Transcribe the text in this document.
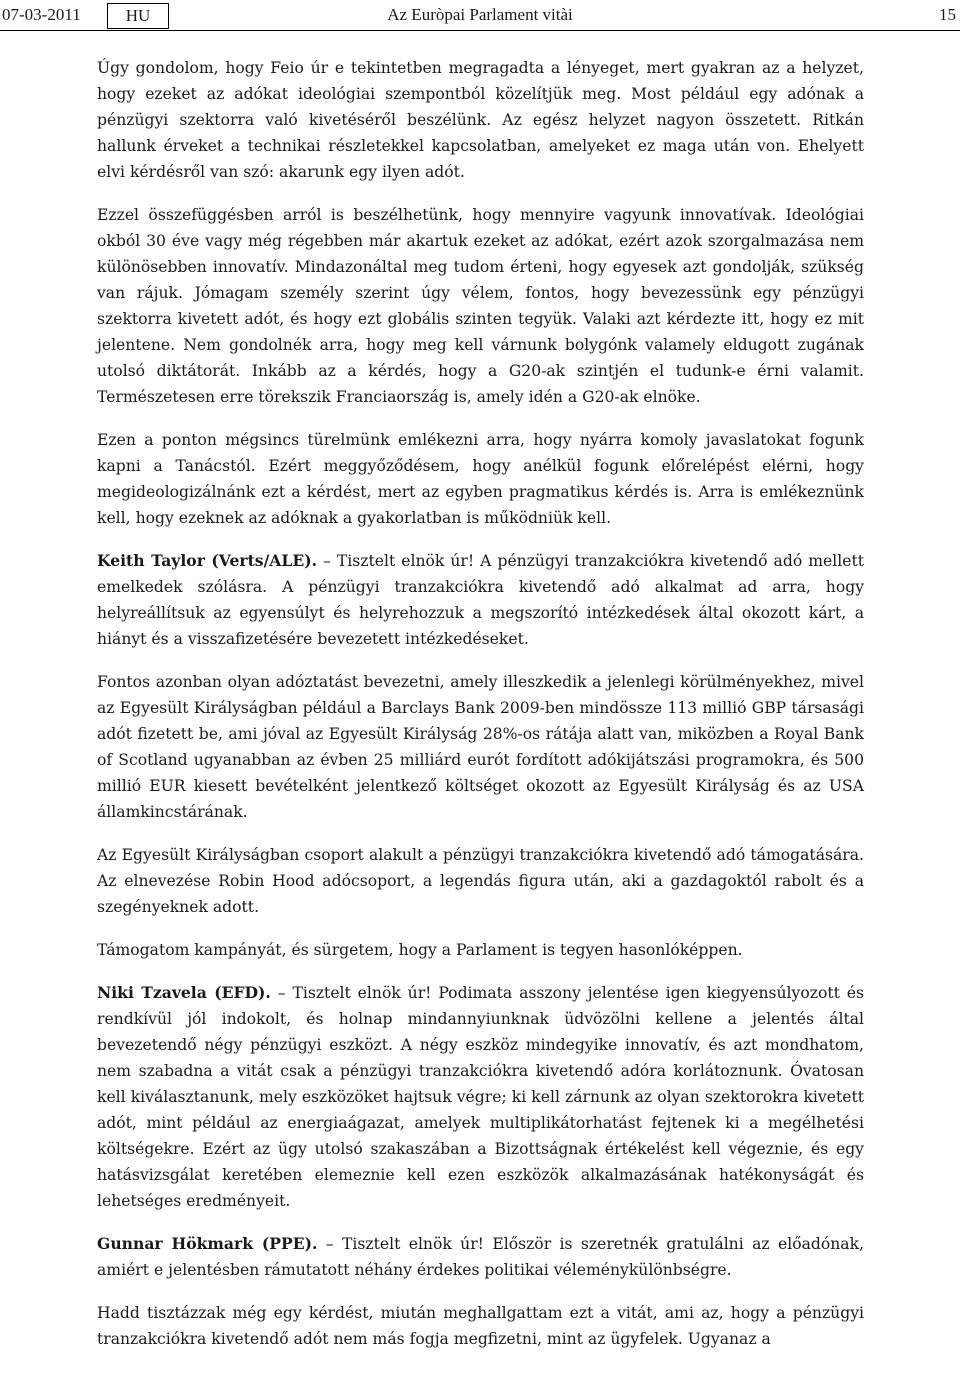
07-03-2011	HU	Az Euròpai Parlament vitài	15

Úgy gondolom, hogy Feio úr e tekintetben megragadta a lényeget, mert gyakran az a helyzet, hogy ezeket az adókat ideológiai szempontból közelítjük meg. Most például egy adónak a pénzügyi szektorra való kivetéséről beszélünk. Az egész helyzet nagyon összetett. Ritkán hallunk érveket a technikai részletekkel kapcsolatban, amelyeket ez maga után von. Ehelyett elvi kérdésről van szó: akarunk egy ilyen adót.

Ezzel összefüggésben arról is beszélhetünk, hogy mennyire vagyunk innovatívak. Ideológiai okból 30 éve vagy még régebben már akartuk ezeket az adókat, ezért azok szorgalmazása nem különösebben innovatív. Mindazonáltal meg tudom érteni, hogy egyesek azt gondolják, szükség van rájuk. Jómagam személy szerint úgy vélem, fontos, hogy bevezessünk egy pénzügyi szektorra kivetett adót, és hogy ezt globális szinten tegyük. Valaki azt kérdezte itt, hogy ez mit jelentene. Nem gondolnék arra, hogy meg kell várnunk bolygónk valamely eldugott zugának utolsó diktátorát. Inkább az a kérdés, hogy a G20-ak szintjén el tudunk-e érni valamit. Természetesen erre törekszik Franciaország is, amely idén a G20-ak elnöke.

Ezen a ponton mégsincs türelmünk emlékezni arra, hogy nyárra komoly javaslatokat fogunk kapni a Tanácstól. Ezért meggyőződésem, hogy anélkül fogunk előrelépést elérni, hogy megideologizálnánk ezt a kérdést, mert az egyben pragmatikus kérdés is. Arra is emlékeznünk kell, hogy ezeknek az adóknak a gyakorlatban is működniük kell.

Keith Taylor (Verts/ALE). – Tisztelt elnök úr! A pénzügyi tranzakciókra kivetendő adó mellett emelkedek szólásra. A pénzügyi tranzakciókra kivetendő adó alkalmat ad arra, hogy helyreállítsuk az egyensúlyt és helyrehozzuk a megszorító intézkedések által okozott kárt, a hiányt és a visszafizetésére bevezetett intézkedéseket.

Fontos azonban olyan adóztatást bevezetni, amely illeszkedik a jelenlegi körülményekhez, mivel az Egyesült Királyságban például a Barclays Bank 2009-ben mindössze 113 millió GBP társasági adót fizetett be, ami jóval az Egyesült Királyság 28%-os rátája alatt van, miközben a Royal Bank of Scotland ugyanabban az évben 25 milliárd eurót fordított adókijátszási programokra, és 500 millió EUR kiesett bevételként jelentkező költséget okozott az Egyesült Királyság és az USA államkincstárának.

Az Egyesült Királyságban csoport alakult a pénzügyi tranzakciókra kivetendő adó támogatására. Az elnevezése Robin Hood adócsoport, a legendás figura után, aki a gazdagoktól rabolt és a szegényeknek adott.

Támogatom kampányát, és sürgetem, hogy a Parlament is tegyen hasonlóképpen.

Niki Tzavela (EFD). – Tisztelt elnök úr! Podimata asszony jelentése igen kiegyensúlyozott és rendkívül jól indokolt, és holnap mindannyiunknak üdvözölni kellene a jelentés által bevezetendő négy pénzügyi eszközt. A négy eszköz mindegyike innovatív, és azt mondhatom, nem szabadna a vitát csak a pénzügyi tranzakciókra kivetendő adóra korlátoznunk. Óvatosan kell kiválasztanunk, mely eszközöket hajtsuk végre; ki kell zárnunk az olyan szektorokra kivetett adót, mint például az energiaágazat, amelyek multiplikátorhatást fejtenek ki a megélhetési költségekre. Ezért az ügy utolsó szakaszában a Bizottságnak értékelést kell végeznie, és egy hatásvizsgálat keretében elemeznie kell ezen eszközök alkalmazásának hatékonyságát és lehetséges eredményeit.

Gunnar Hökmark (PPE). – Tisztelt elnök úr! Először is szeretnék gratulálni az előadónak, amiért e jelentésben rámutatott néhány érdekes politikai véleménykülönbségre.

Hadd tisztázzak még egy kérdést, miután meghallgattam ezt a vitát, ami az, hogy a pénzügyi tranzakciókra kivetendő adót nem más fogja megfizetni, mint az ügyfelek. Ugyanaz a
